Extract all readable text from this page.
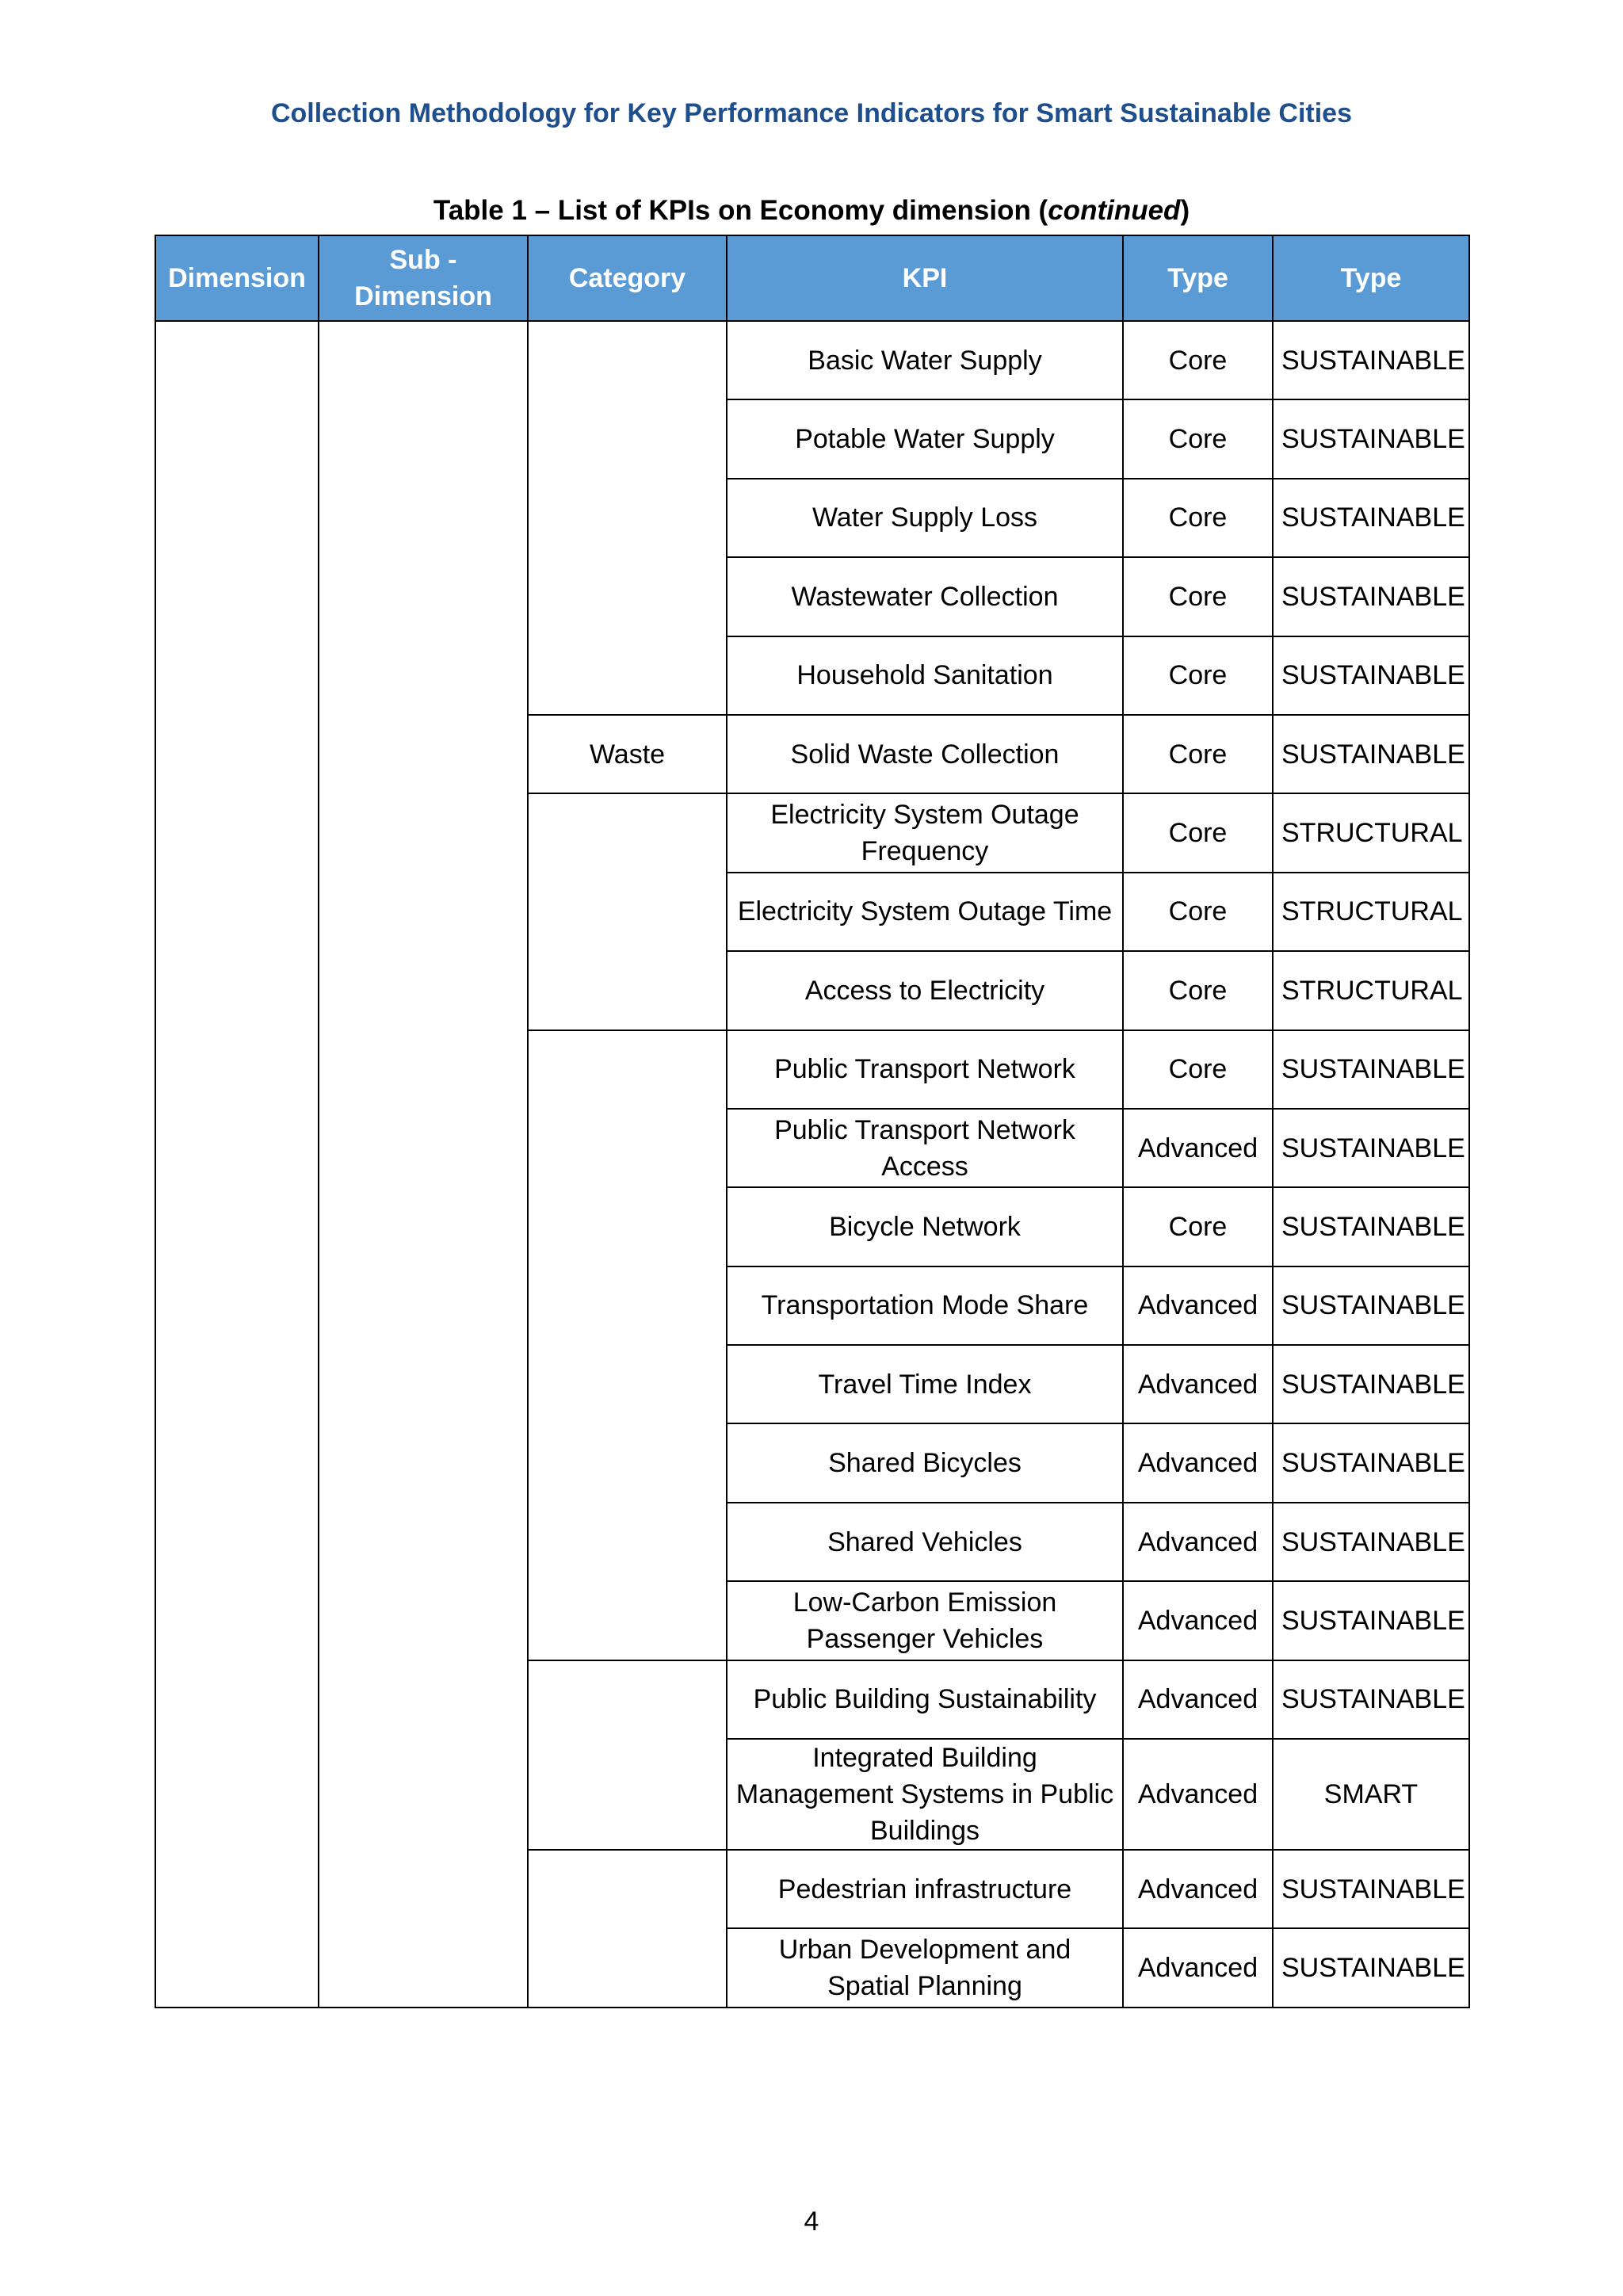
Collection Methodology for Key Performance Indicators for Smart Sustainable Cities
Table 1 – List of KPIs on Economy dimension (continued)
Dimension	Sub - Dimension	Category	KPI	Type	Type
			Basic Water Supply	Core	SUSTAINABLE
			Potable Water Supply	Core	SUSTAINABLE
			Water Supply Loss	Core	SUSTAINABLE
			Wastewater Collection	Core	SUSTAINABLE
			Household Sanitation	Core	SUSTAINABLE
		Waste	Solid Waste Collection	Core	SUSTAINABLE
			Electricity System Outage Frequency	Core	STRUCTURAL
			Electricity System Outage Time	Core	STRUCTURAL
			Access to Electricity	Core	STRUCTURAL
			Public Transport Network	Core	SUSTAINABLE
			Public Transport Network Access	Advanced	SUSTAINABLE
			Bicycle Network	Core	SUSTAINABLE
			Transportation Mode Share	Advanced	SUSTAINABLE
			Travel Time Index	Advanced	SUSTAINABLE
			Shared Bicycles	Advanced	SUSTAINABLE
			Shared Vehicles	Advanced	SUSTAINABLE
			Low-Carbon Emission Passenger Vehicles	Advanced	SUSTAINABLE
			Public Building Sustainability	Advanced	SUSTAINABLE
			Integrated Building Management Systems in Public Buildings	Advanced	SMART
			Pedestrian infrastructure	Advanced	SUSTAINABLE
			Urban Development and Spatial Planning	Advanced	SUSTAINABLE
4
